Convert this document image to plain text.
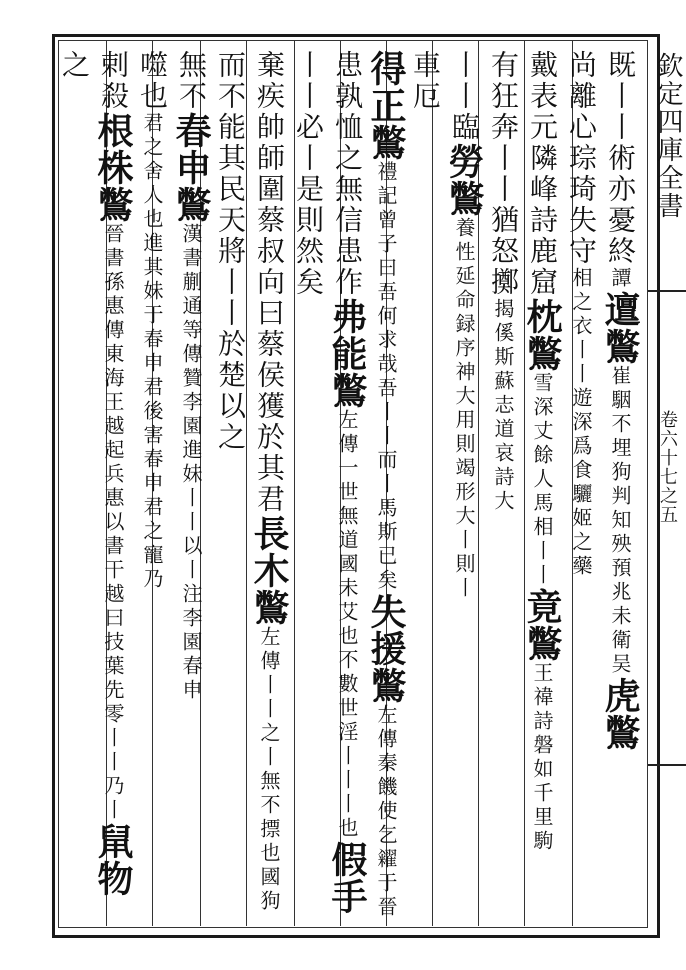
欽定四庫全書
卷六十七之五
既丨丨術亦憂終譚邅鷩崔駰不埋狗判知殃預兆未衛吴虎鷩
尚離心琮琦失守相之衣丨丨遊深爲食驪姬之藥
戴表元隣峰詩鹿窟枕鷩雪深丈餘人馬相丨丨竟鷩王禕詩磐如千里駒
有狂奔丨丨猶怒擲揭傒斯蘇志道哀詩大
丨丨臨勞鷩養性延命録序神大用則竭形大丨則丨
車厄
得正鷩禮記曾子曰吾何求哉吾丨丨而丨馬斯已矣失援鷩左傳秦饑使乞糴于晉
患孰恤之無信患作弗能鷩左傳一世無道國未艾也不數世淫丨丨丨也假手
丨丨必丨是則然矣
棄疾帥師圍蔡叔向曰蔡侯獲於其君長木鷩左傳丨丨之丨無不摽也國狗
而不能其民天將丨丨於楚以之
無不春申鷩漢書蒯通等傳贊李園進妹丨丨以丨注李園春申
噬也君之舍人也進其妹于春申君後害春申君之寵乃
剌殺根株鷩晉書孫惠傳東海王越起兵惠以書干越曰技葉先零丨丨乃丨䑕物
之
